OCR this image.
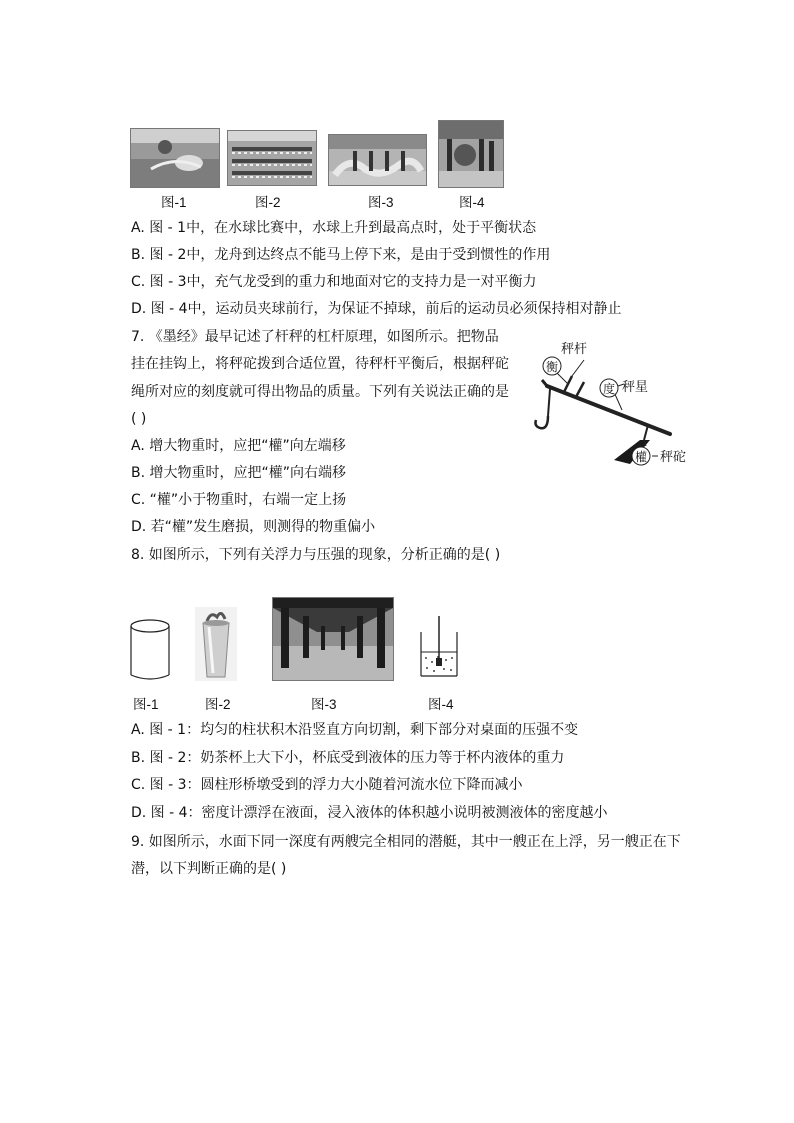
图-1	图-2	图-3	图-4
A. 图 - 1中，在水球比赛中，水球上升到最高点时，处于平衡状态
B. 图 - 2中，龙舟到达终点不能马上停下来，是由于受到惯性的作用
C. 图 - 3中，充气龙受到的重力和地面对它的支持力是一对平衡力
D. 图 - 4中，运动员夹球前行，为保证不掉球，前后的运动员必须保持相对静止
7. 《墨经》最早记述了杆秤的杠杆原理，如图所示。把物品
挂在挂钩上，将秤砣拨到合适位置，待秤杆平衡后，根据秤砣
绳所对应的刻度就可得出物品的质量。下列有关说法正确的是
( )
秤杆
衡
度 秤星
權 秤砣
A. 增大物重时，应把“權”向左端移
B. 增大物重时，应把“權”向右端移
C. “權”小于物重时，右端一定上扬
D. 若“權”发生磨损，则测得的物重偏小
8. 如图所示，下列有关浮力与压强的现象，分析正确的是( )
图-1	图-2	图-3	图-4
A. 图 - 1：均匀的柱状积木沿竖直方向切割，剩下部分对桌面的压强不变
B. 图 - 2：奶茶杯上大下小，杯底受到液体的压力等于杯内液体的重力
C. 图 - 3：圆柱形桥墩受到的浮力大小随着河流水位下降而减小
D. 图 - 4：密度计漂浮在液面，浸入液体的体积越小说明被测液体的密度越小
9. 如图所示，水面下同一深度有两艘完全相同的潜艇，其中一艘正在上浮，另一艘正在下
潜，以下判断正确的是( )
